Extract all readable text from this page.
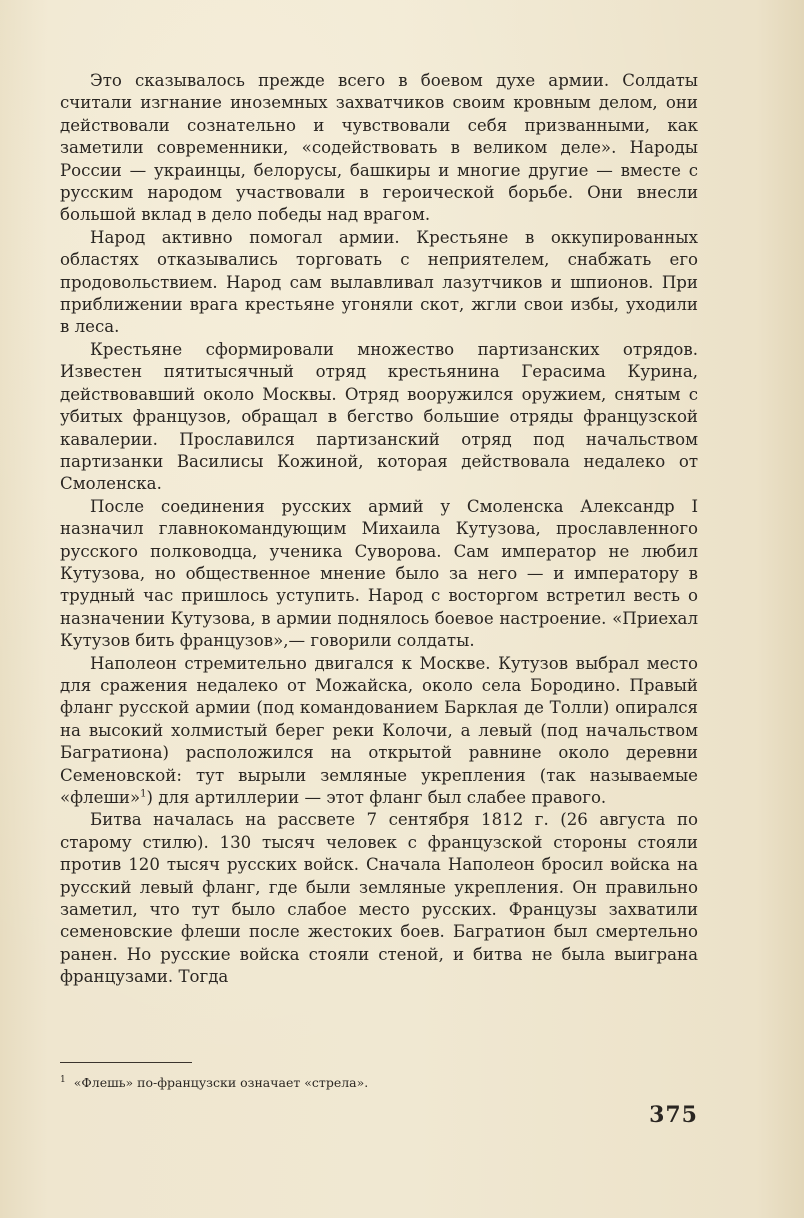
Это сказывалось прежде всего в боевом духе армии. Солдаты считали изгнание иноземных захватчиков своим кровным делом, они действовали сознательно и чувствовали себя призванными, как заметили современники, «содействовать в великом деле». Народы России — украинцы, белорусы, башкиры и многие другие — вместе с русским народом участвовали в героической борьбе. Они внесли большой вклад в дело победы над врагом.

Народ активно помогал армии. Крестьяне в оккупированных областях отказывались торговать с неприятелем, снабжать его продовольствием. Народ сам вылавливал лазутчиков и шпионов. При приближении врага крестьяне угоняли скот, жгли свои избы, уходили в леса.

Крестьяне сформировали множество партизанских отрядов. Известен пятитысячный отряд крестьянина Герасима Курина, действовавший около Москвы. Отряд вооружился оружием, снятым с убитых французов, обращал в бегство большие отряды французской кавалерии. Прославился партизанский отряд под начальством партизанки Василисы Кожиной, которая действовала недалеко от Смоленска.

После соединения русских армий у Смоленска Александр I назначил главнокомандующим Михаила Кутузова, прославленного русского полководца, ученика Суворова. Сам император не любил Кутузова, но общественное мнение было за него — и императору в трудный час пришлось уступить. Народ с восторгом встретил весть о назначении Кутузова, в армии поднялось боевое настроение. «Приехал Кутузов бить французов»,— говорили солдаты.

Наполеон стремительно двигался к Москве. Кутузов выбрал место для сражения недалеко от Можайска, около села Бородино. Правый фланг русской армии (под командованием Барклая де Толли) опирался на высокий холмистый берег реки Колочи, а левый (под начальством Багратиона) расположился на открытой равнине около деревни Семеновской: тут вырыли земляные укрепления (так называемые «флеши»$^1$) для артиллерии — этот фланг был слабее правого.

Битва началась на рассвете 7 сентября 1812 г. (26 августа по старому стилю). 130 тысяч человек с французской стороны стояли против 120 тысяч русских войск. Сначала Наполеон бросил войска на русский левый фланг, где были земляные укрепления. Он правильно заметил, что тут было слабое место русских. Французы захватили семеновские флеши после жестоких боев. Багратион был смертельно ранен. Но русские войска стояли стеной, и битва не была выиграна французами. Тогда

$^1$ «Флешь» по-французски означает «стрела».
375
